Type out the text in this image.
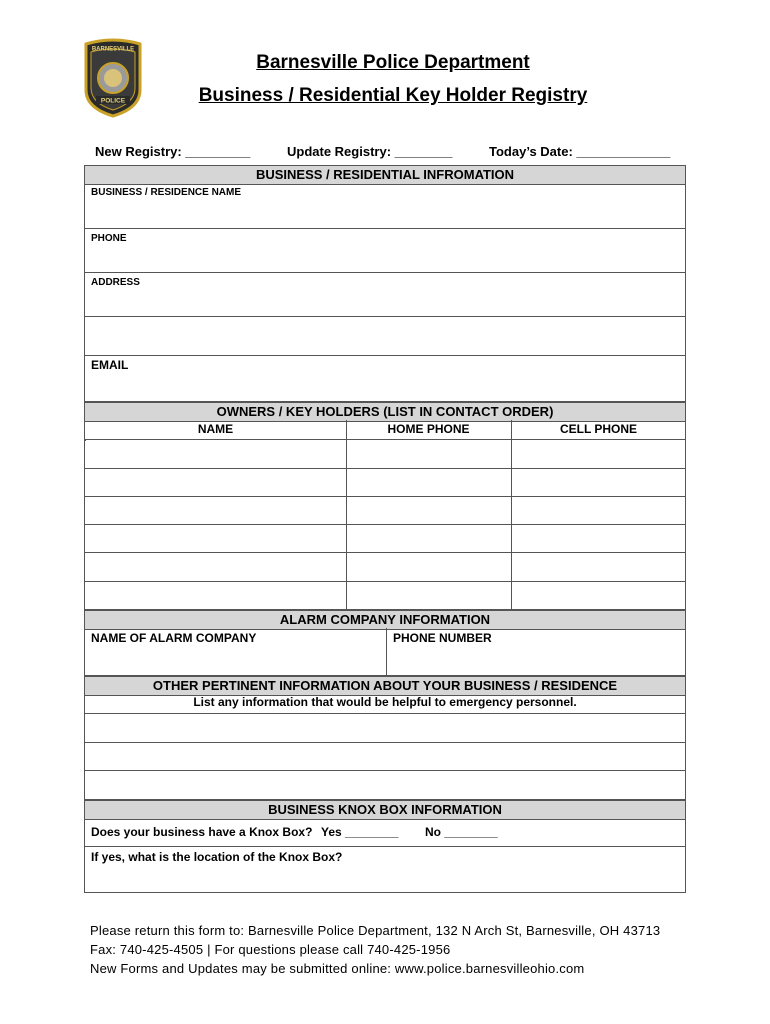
BARNESVILLE
POLICE
Barnesville Police Department
Business / Residential Key Holder Registry
New Registry: _________	Update Registry: ________	Today’s Date: _____________
BUSINESS / RESIDENTIAL INFROMATION
BUSINESS / RESIDENCE NAME
PHONE
ADDRESS
EMAIL
OWNERS / KEY HOLDERS (LIST IN CONTACT ORDER)
NAME	HOME PHONE	CELL PHONE
ALARM COMPANY INFORMATION
NAME OF ALARM COMPANY	PHONE NUMBER
OTHER PERTINENT INFORMATION ABOUT YOUR BUSINESS / RESIDENCE
List any information that would be helpful to emergency personnel.
BUSINESS KNOX BOX INFORMATION
Does your business have a Knox Box? Yes ________ No ________
If yes, what is the location of the Knox Box?
Please return this form to: Barnesville Police Department, 132 N Arch St, Barnesville, OH 43713
Fax: 740-425-4505 | For questions please call 740-425-1956
New Forms and Updates may be submitted online: www.police.barnesvilleohio.com
